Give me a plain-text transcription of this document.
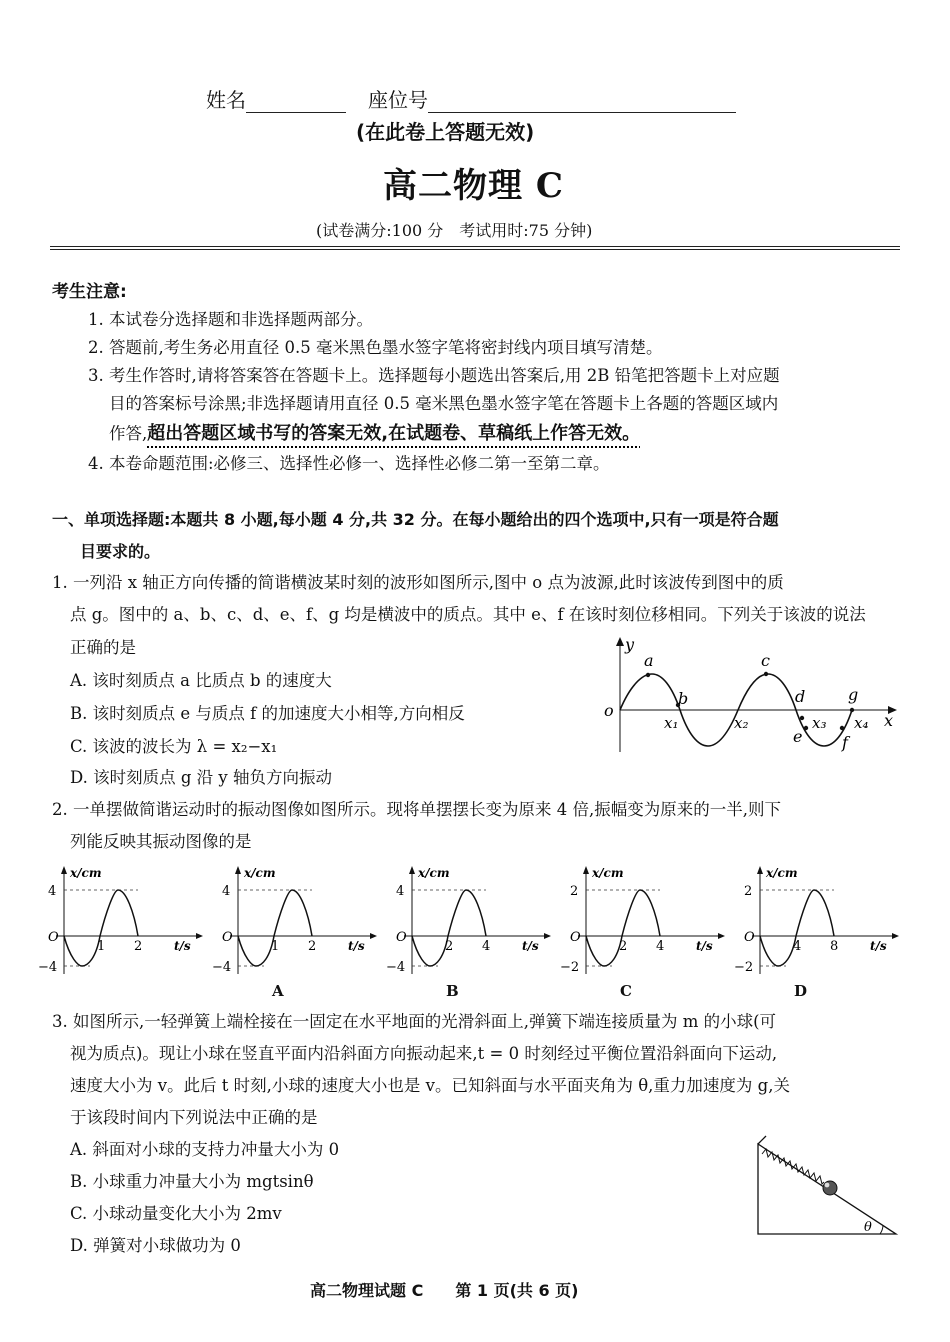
姓名	座位号
(在此卷上答题无效)
高二物理 C
(试卷满分:100 分　考试用时:75 分钟)
考生注意:
1. 本试卷分选择题和非选择题两部分。
2. 答题前,考生务必用直径 0.5 毫米黑色墨水签字笔将密封线内项目填写清楚。
3. 考生作答时,请将答案答在答题卡上。选择题每小题选出答案后,用 2B 铅笔把答题卡上对应题
目的答案标号涂黑;非选择题请用直径 0.5 毫米黑色墨水签字笔在答题卡上各题的答题区域内
作答,超出答题区域书写的答案无效,在试题卷、草稿纸上作答无效。
4. 本卷命题范围:必修三、选择性必修一、选择性必修二第一至第二章。
一、单项选择题:本题共 8 小题,每小题 4 分,共 32 分。在每小题给出的四个选项中,只有一项是符合题
目要求的。
1. 一列沿 x 轴正方向传播的简谐横波某时刻的波形如图所示,图中 o 点为波源,此时该波传到图中的质
点 g。图中的 a、b、c、d、e、f、g 均是横波中的质点。其中 e、f 在该时刻位移相同。下列关于该波的说法
正确的是
A. 该时刻质点 a 比质点 b 的速度大
B. 该时刻质点 e 与质点 f 的加速度大小相等,方向相反
C. 该波的波长为 λ = x₂−x₁
D. 该时刻质点 g 沿 y 轴负方向振动
y
x
o
a
b
c
d
e f
g
x₁	x₂	x₃ x₄
2. 一单摆做简谐运动时的振动图像如图所示。现将单摆摆长变为原来 4 倍,振幅变为原来的一半,则下
列能反映其振动图像的是
x/cm
4
−4
O
1 2	t/s
x/cm
4
−4
O
1 2	t/s
A
x/cm
4
−4
O
2 4	t/s
B
x/cm
2
−2
O
2 4	t/s
C
x/cm
2
−2
O
4 8	t/s
D
3. 如图所示,一轻弹簧上端栓接在一固定在水平地面的光滑斜面上,弹簧下端连接质量为 m 的小球(可
视为质点)。现让小球在竖直平面内沿斜面方向振动起来,t = 0 时刻经过平衡位置沿斜面向下运动,
速度大小为 v。此后 t 时刻,小球的速度大小也是 v。已知斜面与水平面夹角为 θ,重力加速度为 g,关
于该段时间内下列说法中正确的是
A. 斜面对小球的支持力冲量大小为 0
B. 小球重力冲量大小为 mgtsinθ
C. 小球动量变化大小为 2mv
D. 弹簧对小球做功为 0
θ
高二物理试题 C　　第 1 页(共 6 页)
